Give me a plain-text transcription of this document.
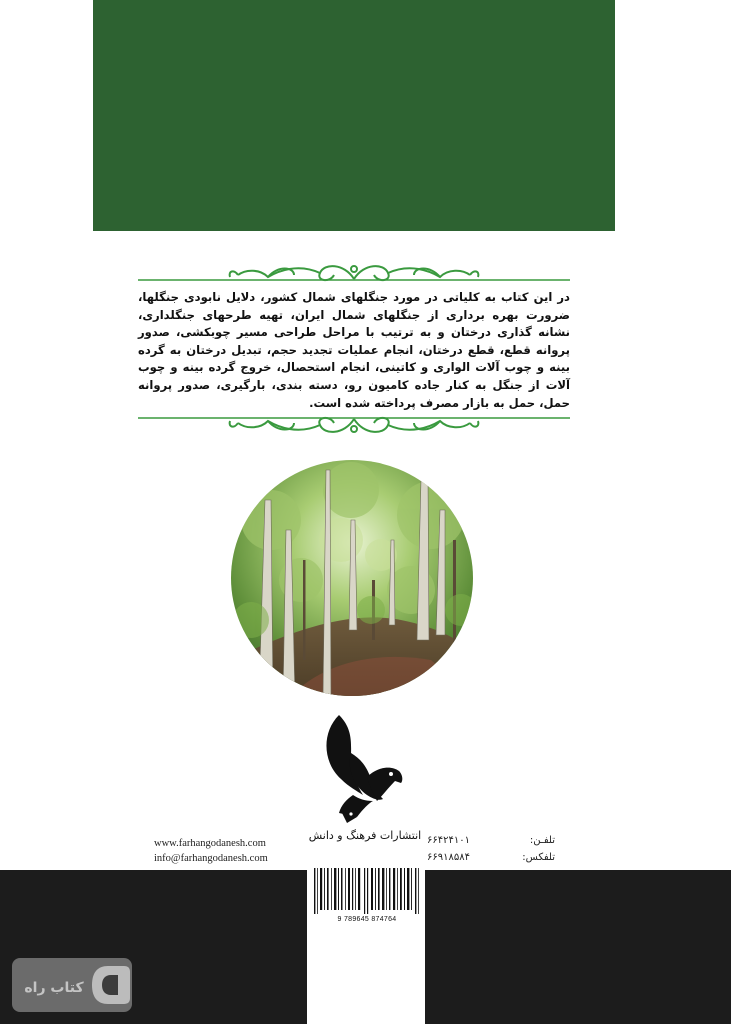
در این کتاب به کلیاتی در مورد جنگلهای شمال کشور، دلایل نابودی جنگلها، ضرورت بهره برداری از جنگلهای شمال ایران، تهیه طرحهای جنگلداری، نشانه گذاری درختان و به ترتیب با مراحل طراحی مسیر چوبکشی، صدور پروانه قطع، قطع درختان، انجام عملیات تجدید حجم، تبدیل درختان به گرده بینه و چوب آلات الواری و کاتینی، انجام استحصال، خروج گرده بینه و چوب آلات از جنگل به کنار جاده کامیون رو، دسته بندی، بارگیری، صدور پروانه حمل، حمل به بازار مصرف پرداخته شده است.

انتشارات فرهنگ و دانش
www.farhangodanesh.com
info@farhangodanesh.com
تلفـن:
۶۶۴۲۴۱۰۱
تلفکس:
۶۶۹۱۸۵۸۴
9 789645 874764
کتاب راه
